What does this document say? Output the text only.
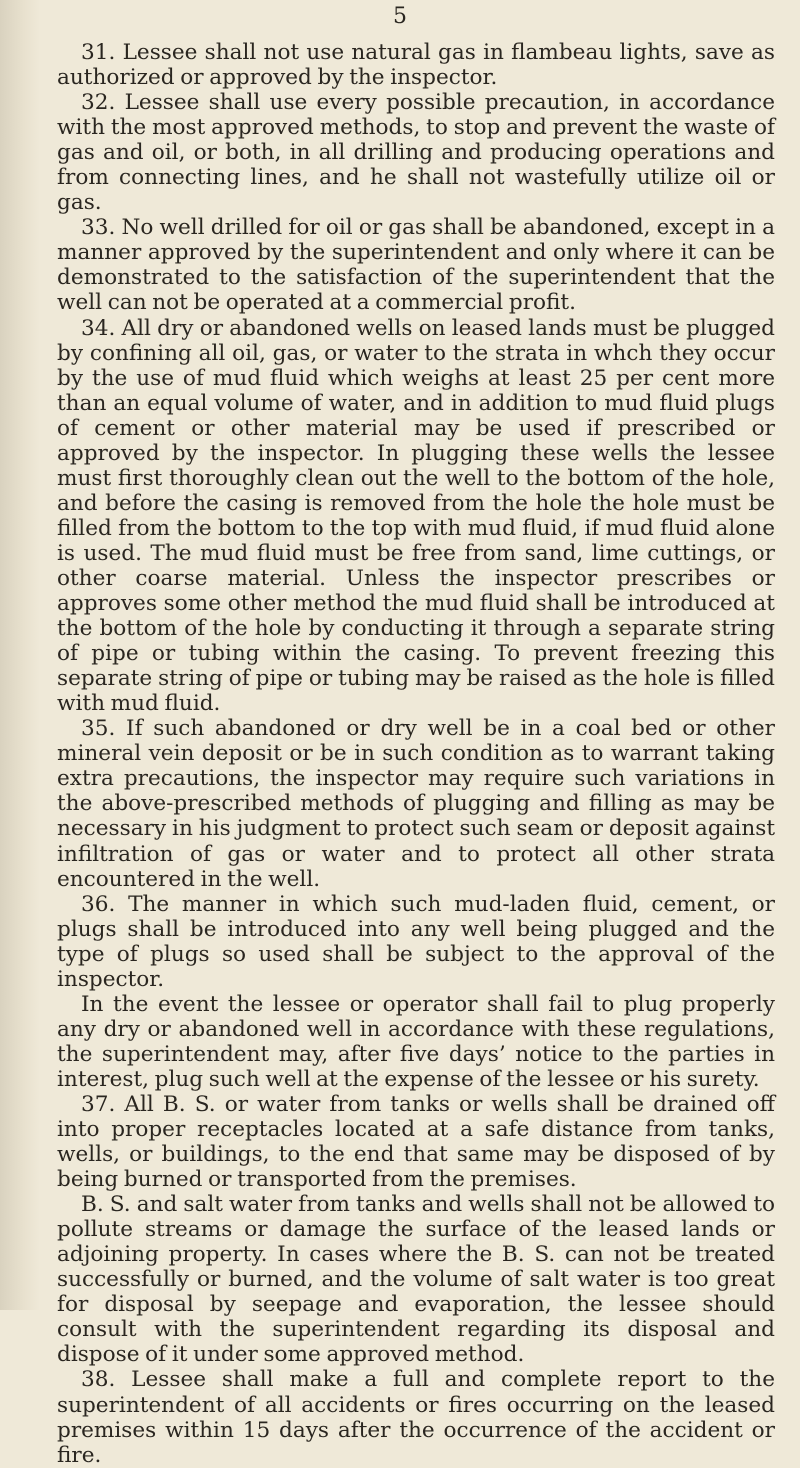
5

31. Lessee shall not use natural gas in flambeau lights, save as authorized or approved by the inspector.

32. Lessee shall use every possible precaution, in accordance with the most approved methods, to stop and prevent the waste of gas and oil, or both, in all drilling and producing operations and from connecting lines, and he shall not wastefully utilize oil or gas.

33. No well drilled for oil or gas shall be abandoned, except in a manner approved by the superintendent and only where it can be demonstrated to the satisfaction of the superintendent that the well can not be operated at a commercial profit.

34. All dry or abandoned wells on leased lands must be plugged by confining all oil, gas, or water to the strata in whch they occur by the use of mud fluid which weighs at least 25 per cent more than an equal volume of water, and in addition to mud fluid plugs of cement or other material may be used if prescribed or approved by the inspector. In plugging these wells the lessee must first thoroughly clean out the well to the bottom of the hole, and before the casing is removed from the hole the hole must be filled from the bottom to the top with mud fluid, if mud fluid alone is used. The mud fluid must be free from sand, lime cuttings, or other coarse material. Unless the inspector prescribes or approves some other method the mud fluid shall be introduced at the bottom of the hole by conducting it through a separate string of pipe or tubing within the casing. To prevent freezing this separate string of pipe or tubing may be raised as the hole is filled with mud fluid.

35. If such abandoned or dry well be in a coal bed or other mineral vein deposit or be in such condition as to warrant taking extra precautions, the inspector may require such variations in the above-prescribed methods of plugging and filling as may be necessary in his judgment to protect such seam or deposit against infiltration of gas or water and to protect all other strata encountered in the well.

36. The manner in which such mud-laden fluid, cement, or plugs shall be introduced into any well being plugged and the type of plugs so used shall be subject to the approval of the inspector.

In the event the lessee or operator shall fail to plug properly any dry or abandoned well in accordance with these regulations, the superintendent may, after five days’ notice to the parties in interest, plug such well at the expense of the lessee or his surety.

37. All B. S. or water from tanks or wells shall be drained off into proper receptacles located at a safe distance from tanks, wells, or buildings, to the end that same may be disposed of by being burned or transported from the premises.

B. S. and salt water from tanks and wells shall not be allowed to pollute streams or damage the surface of the leased lands or adjoining property. In cases where the B. S. can not be treated successfully or burned, and the volume of salt water is too great for disposal by seepage and evaporation, the lessee should consult with the superintendent regarding its disposal and dispose of it under some approved method.

38. Lessee shall make a full and complete report to the superintendent of all accidents or fires occurring on the leased premises within 15 days after the occurrence of the accident or fire.
